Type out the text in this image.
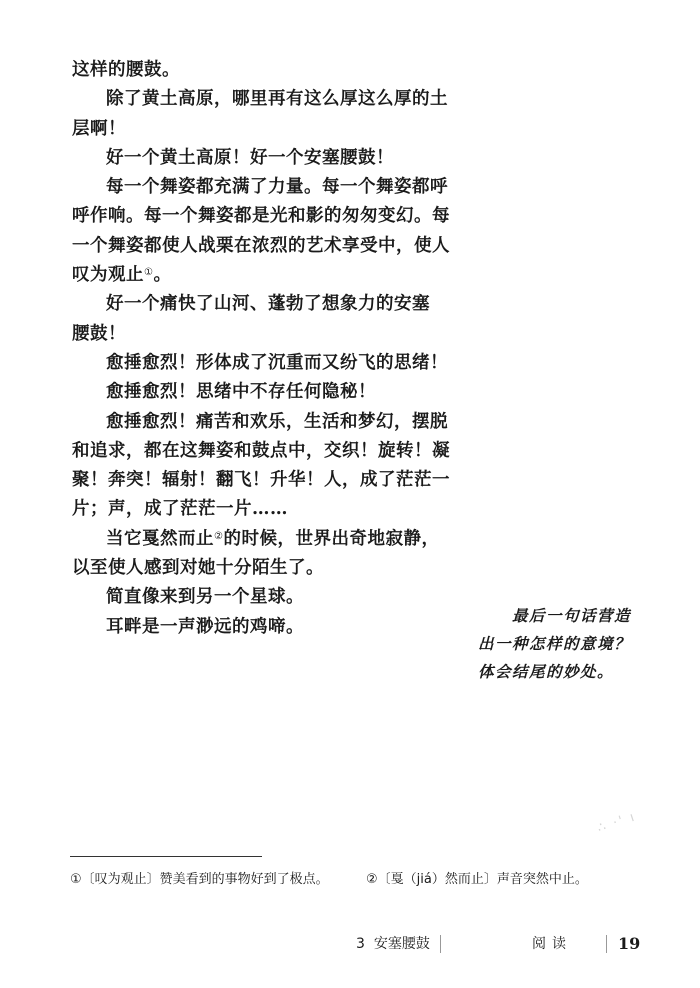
这样的腰鼓。
除了黄土高原，哪里再有这么厚这么厚的土
层啊！
好一个黄土高原！好一个安塞腰鼓！
每一个舞姿都充满了力量。每一个舞姿都呼
呼作响。每一个舞姿都是光和影的匆匆变幻。每
一个舞姿都使人战栗在浓烈的艺术享受中，使人
叹为观止①。
好一个痛快了山河、蓬勃了想象力的安塞
腰鼓！
愈捶愈烈！形体成了沉重而又纷飞的思绪！
愈捶愈烈！思绪中不存任何隐秘！
愈捶愈烈！痛苦和欢乐，生活和梦幻，摆脱
和追求，都在这舞姿和鼓点中，交织！旋转！凝
聚！奔突！辐射！翻飞！升华！人，成了茫茫一
片；声，成了茫茫一片……
当它戛然而止②的时候，世界出奇地寂静，
以至使人感到对她十分陌生了。
简直像来到另一个星球。
耳畔是一声渺远的鸡啼。
最后一句话营造
出一种怎样的意境？
体会结尾的妙处。
∴ ·' ı
①〔叹为观止〕赞美看到的事物好到了极点。	②〔戛（jiá）然而止〕声音突然中止。
3 安塞腰鼓	阅读	19
